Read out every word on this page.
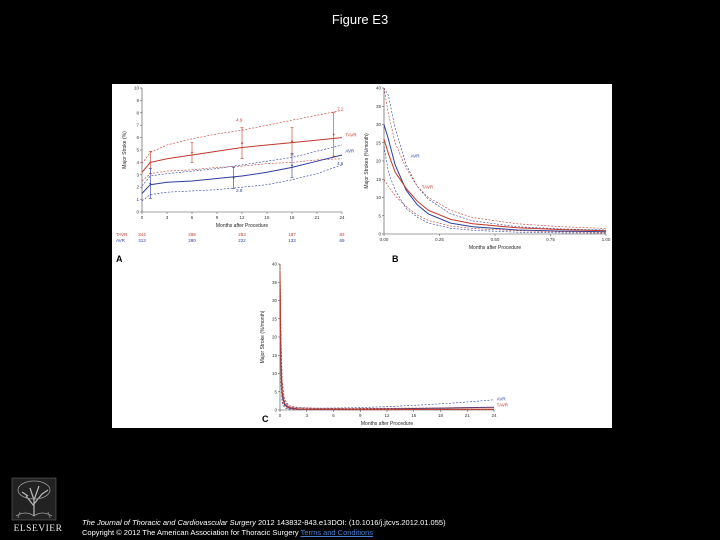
Figure E3
0	3	6	9	12	15	18	21	24
0
1
2
3
4
5
6
7
8
9
10
Months after Procedure
Major Stroke (%)
7.1
4.9
TAVR
AVR
4.6
2.8
TAVR 344	288	253	187	83
AVR	313	280	222	133	69
A
0.00	0.25	0.50	0.75	1.00
0
5
10
15
20
25
30
35
40
Months after Procedure
Major Strokes (%/month)	AVR
TAVR
B
0	3	6	9	12	15	18	21	24
0
5
10
15
20
25
30
35
40
Months after Procedure
Major Stroke (%/month)
AVR
TAVR
C
ELSEVIER
The Journal of Thoracic and Cardiovascular Surgery 2012 143832-843.e13DOI: (10.1016/j.jtcvs.2012.01.055)
Copyright © 2012 The American Association for Thoracic Surgery Terms and Conditions
